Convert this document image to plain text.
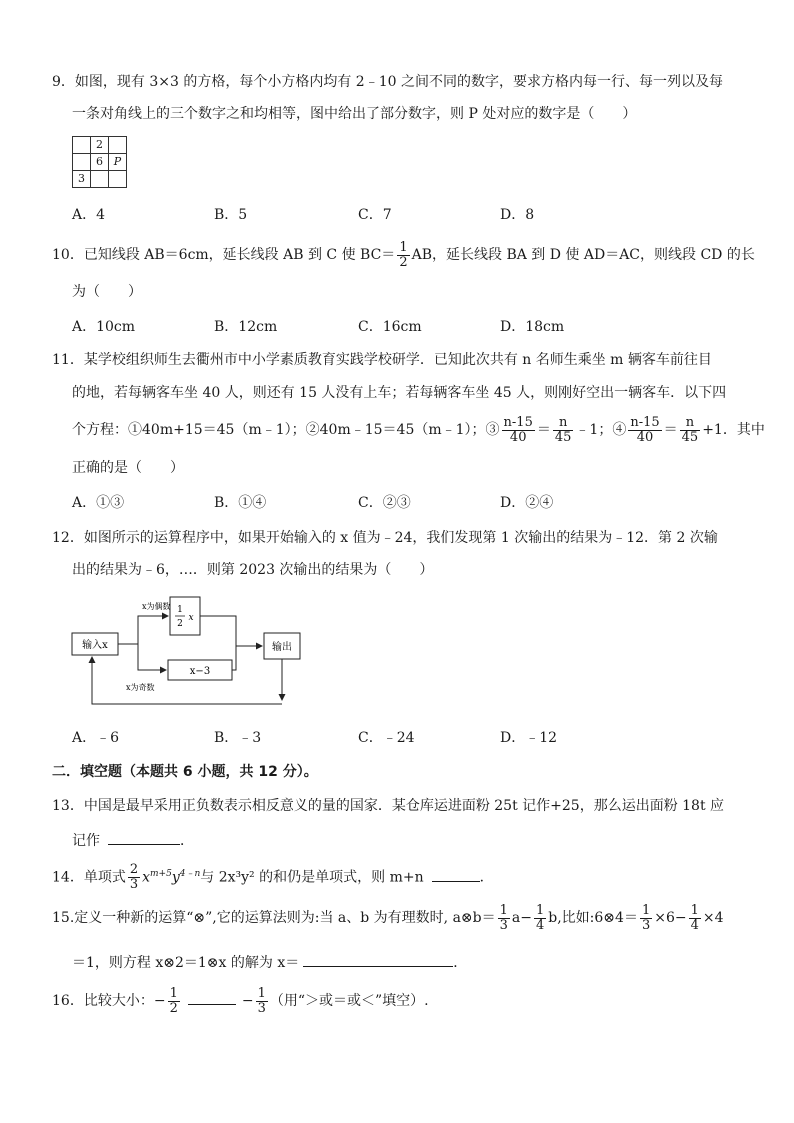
9．如图，现有 3×3 的方格，每个小方格内均有 2﹣10 之间不同的数字，要求方格内每一行、每一列以及每
一条对角线上的三个数字之和均相等，图中给出了部分数字，则 P 处对应的数字是（　　）
	2	
	6	P
3		
A．4	B．5	C．7	D．8
10．已知线段 AB＝6cm，延长线段 AB 到 C 使 $BC= \frac{1}{2}$ AB，延长线段 BA 到 D 使 AD＝AC，则线段 CD 的长
为（　　）
A．10cm	B．12cm	C．16cm	D．18cm
11．某学校组织师生去衢州市中小学素质教育实践学校研学．已知此次共有 n 名师生乘坐 m 辆客车前往目
的地，若每辆客车坐 40 人，则还有 15 人没有上车；若每辆客车坐 45 人，则刚好空出一辆客车．以下四
个方程：①40m+15＝45（m﹣1）；②40m﹣15＝45（m﹣1）；③ $\frac{n-15}{40} = \frac{n}{45}$ ﹣1；④ $\frac{n-15}{40} = \frac{n}{45} +1$．其中
正确的是（　　）
A．①③	B．①④	C．②③	D．②④
12．如图所示的运算程序中，如果开始输入的 x 值为﹣24，我们发现第 1 次输出的结果为﹣12．第 2 次输
出的结果为﹣6，…．则第 2023 次输出的结果为（　　）
输入x
1
2
x
x−3
输出
x为偶数
x为奇数
A．﹣6	B．﹣3	C．﹣24	D．﹣12
二．填空题（本题共 6 小题，共 12 分）。
13．中国是最早采用正负数表示相反意义的量的国家．某仓库运进面粉 25t 记作+25，那么运出面粉 18t 应
记作	．
14．单项式 $\frac{2}{3} x^{m+5}y^{4﹣n}$与 2x³y² 的和仍是单项式，则 m+n	．
15.定义一种新的运算“⊗”,它的运算法则为:当 a、b 为有理数时, a⊗b＝ $\frac{1}{3} a- \frac{1}{4} b$,比如:6⊗4＝ $\frac{1}{3} \times 6- \frac{1}{4} \times 4$
＝1，则方程 x⊗2＝1⊗x 的解为 x＝	．
16．比较大小：− $\frac{1}{2}$	− $\frac{1}{3}$ （用“＞或＝或＜”填空）.
